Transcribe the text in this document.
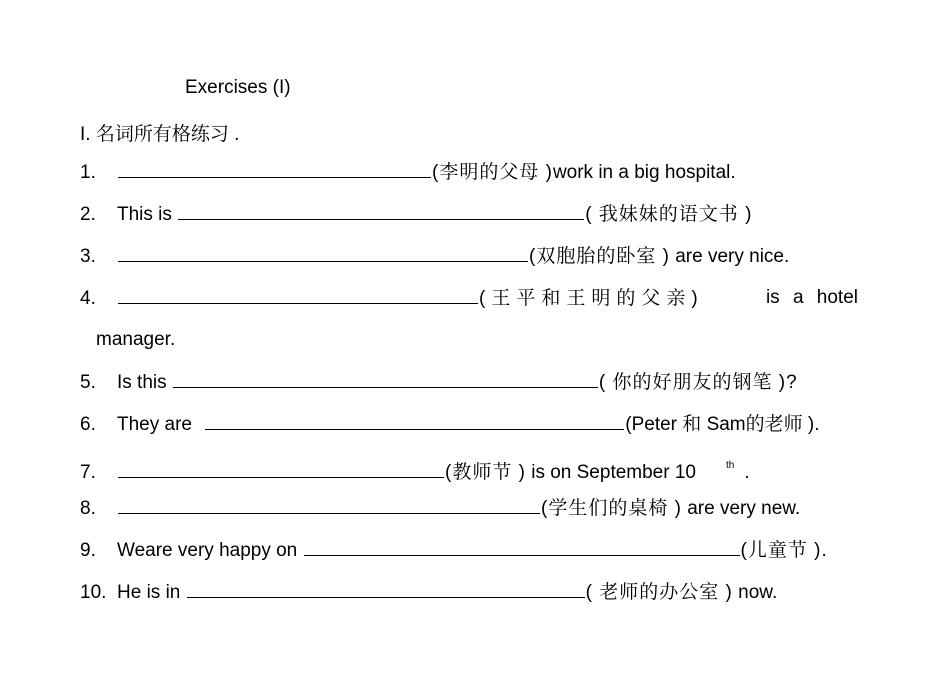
Exercises (I)
I. 名词所有格练习 .
1.	(李明的父母 )work in a big hospital.
2. This is	( 我妹妹的语文书 )
3.	(双胞胎的卧室 ) are very nice.
4.	(王平和王明的父亲)	is a hotel
manager.
5. Is this	( 你的好朋友的钢笔 )?
6. They are	(Peter 和 Sam的老师 ).
7.	(教师节 ) is on September 10	$^{th}$ .
8.	(学生们的桌椅 ) are very new.
9. Weare very happy on	(儿童节 ).
10. He is in	( 老师的办公室 ) now.
